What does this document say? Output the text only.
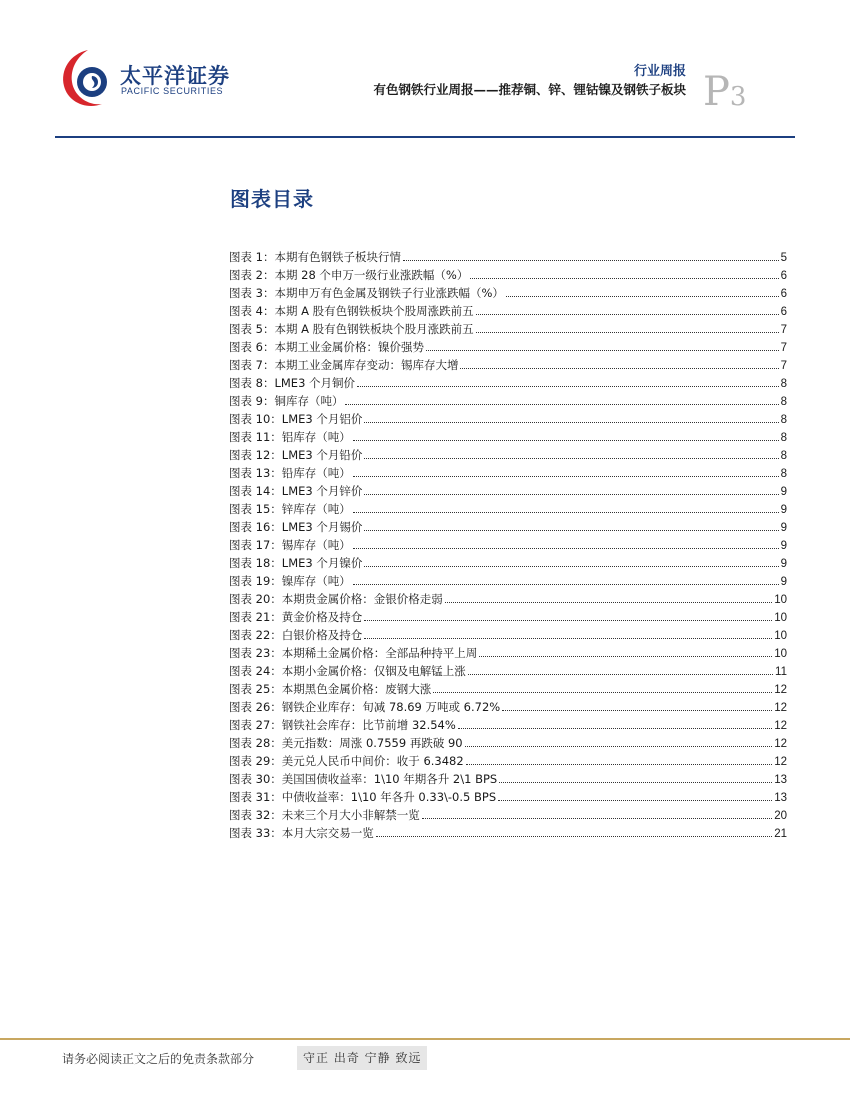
太平洋证券
PACIFIC SECURITIES
行业周报
有色钢铁行业周报——推荐铜、锌、锂钴镍及钢铁子板块 P3
图表目录
图表 1：本期有色钢铁子板块行情	5
图表 2：本期 28 个申万一级行业涨跌幅（%）	6
图表 3：本期申万有色金属及钢铁子行业涨跌幅（%）	6
图表 4：本期 A 股有色钢铁板块个股周涨跌前五	6
图表 5：本期 A 股有色钢铁板块个股月涨跌前五	7
图表 6：本期工业金属价格：镍价强势	7
图表 7：本期工业金属库存变动：锡库存大增	7
图表 8：LME3 个月铜价	8
图表 9：铜库存（吨）	8
图表 10：LME3 个月铝价	8
图表 11：铝库存（吨）	8
图表 12：LME3 个月铅价	8
图表 13：铅库存（吨）	8
图表 14：LME3 个月锌价	9
图表 15：锌库存（吨）	9
图表 16：LME3 个月锡价	9
图表 17：锡库存（吨）	9
图表 18：LME3 个月镍价	9
图表 19：镍库存（吨）	9
图表 20：本期贵金属价格：金银价格走弱	10
图表 21：黄金价格及持仓	10
图表 22：白银价格及持仓	10
图表 23：本期稀土金属价格：全部品种持平上周	10
图表 24：本期小金属价格：仅铟及电解锰上涨	11
图表 25：本期黑色金属价格：废钢大涨	12
图表 26：钢铁企业库存：旬减 78.69 万吨或 6.72%	12
图表 27：钢铁社会库存：比节前增 32.54%	12
图表 28：美元指数：周涨 0.7559 再跌破 90	12
图表 29：美元兑人民币中间价：收于 6.3482	12
图表 30：美国国债收益率：1\10 年期各升 2\1 BPS	13
图表 31：中债收益率：1\10 年各升 0.33\-0.5 BPS	13
图表 32：未来三个月大小非解禁一览	20
图表 33：本月大宗交易一览	21
请务必阅读正文之后的免责条款部分	守正 出奇 宁静 致远
